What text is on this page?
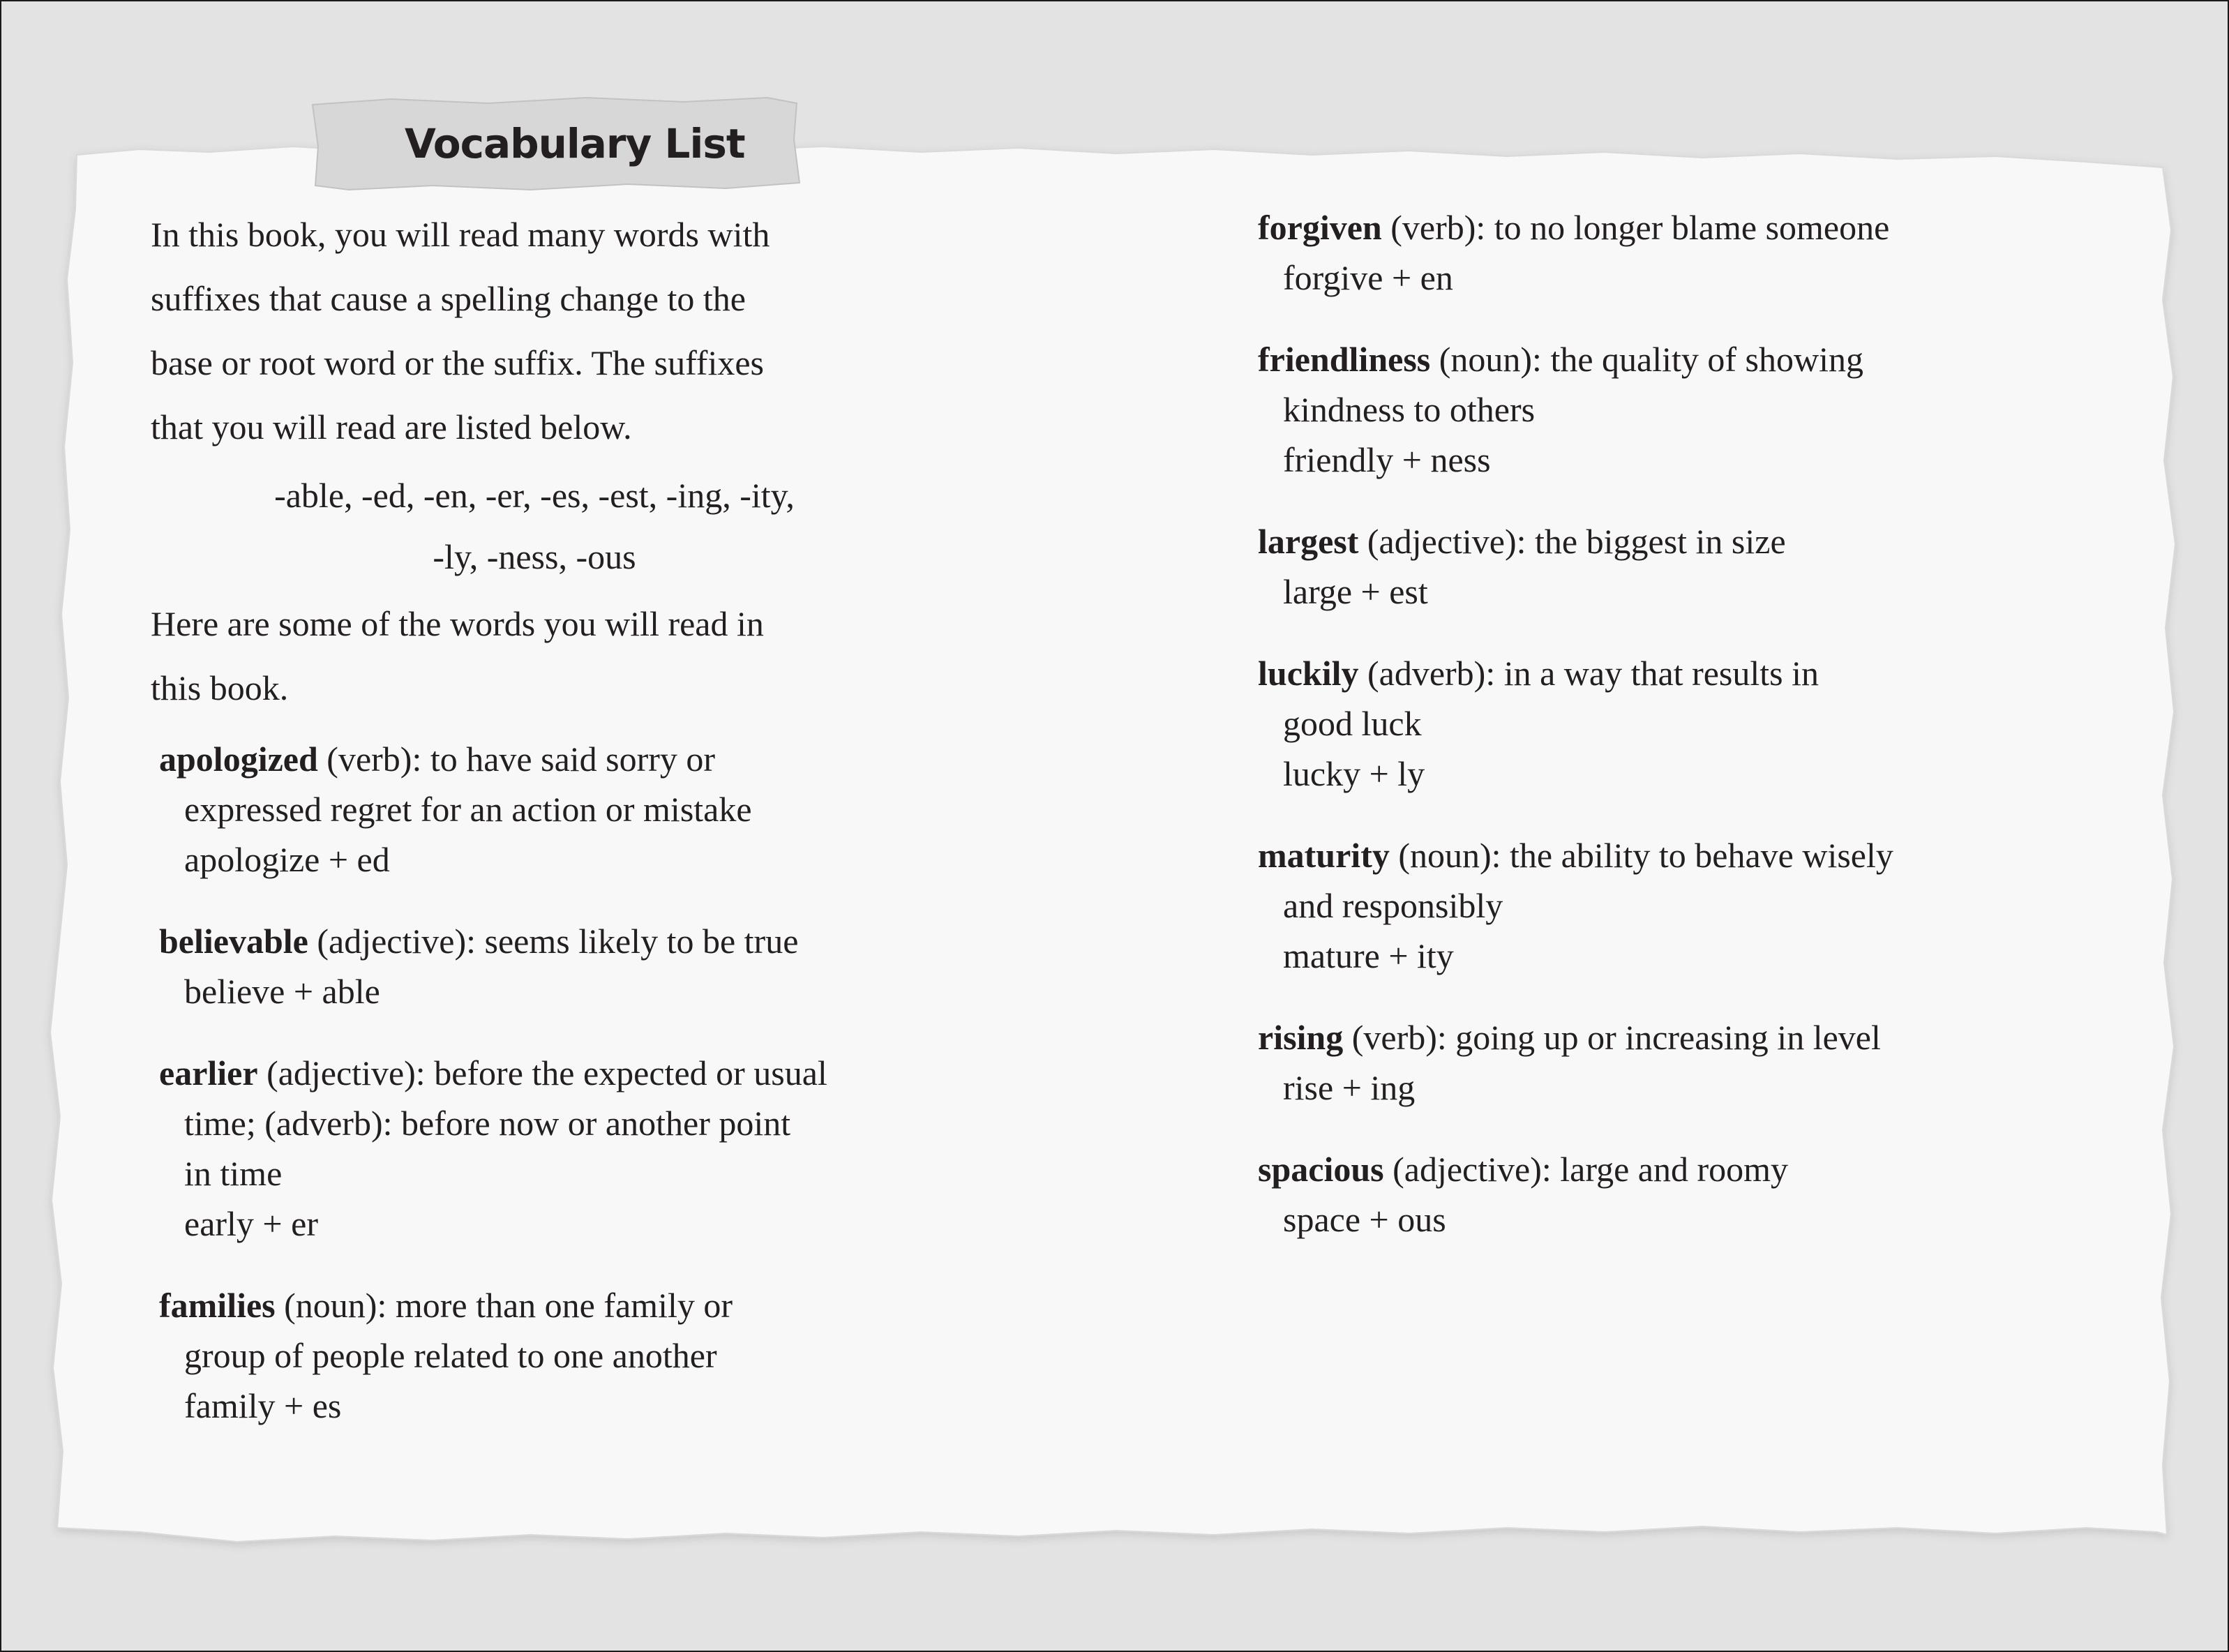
Vocabulary List

In this book, you will read many words with

suffixes that cause a spelling change to the

base or root word or the suffix. The suffixes

that you will read are listed below.

-able, -ed, -en, -er, -es, -est, -ing, -ity,
-ly, -ness, -ous

Here are some of the words you will read in

this book.

apologized (verb): to have said sorry or
expressed regret for an action or mistake
apologize + ed
believable (adjective): seems likely to be true
believe + able
earlier (adjective): before the expected or usual
time; (adverb): before now or another point
in time
early + er
families (noun): more than one family or
group of people related to one another
family + es
forgiven (verb): to no longer blame someone
forgive + en
friendliness (noun): the quality of showing
kindness to others
friendly + ness
largest (adjective): the biggest in size
large + est
luckily (adverb): in a way that results in
good luck
lucky + ly
maturity (noun): the ability to behave wisely
and responsibly
mature + ity
rising (verb): going up or increasing in level
rise + ing
spacious (adjective): large and roomy
space + ous
